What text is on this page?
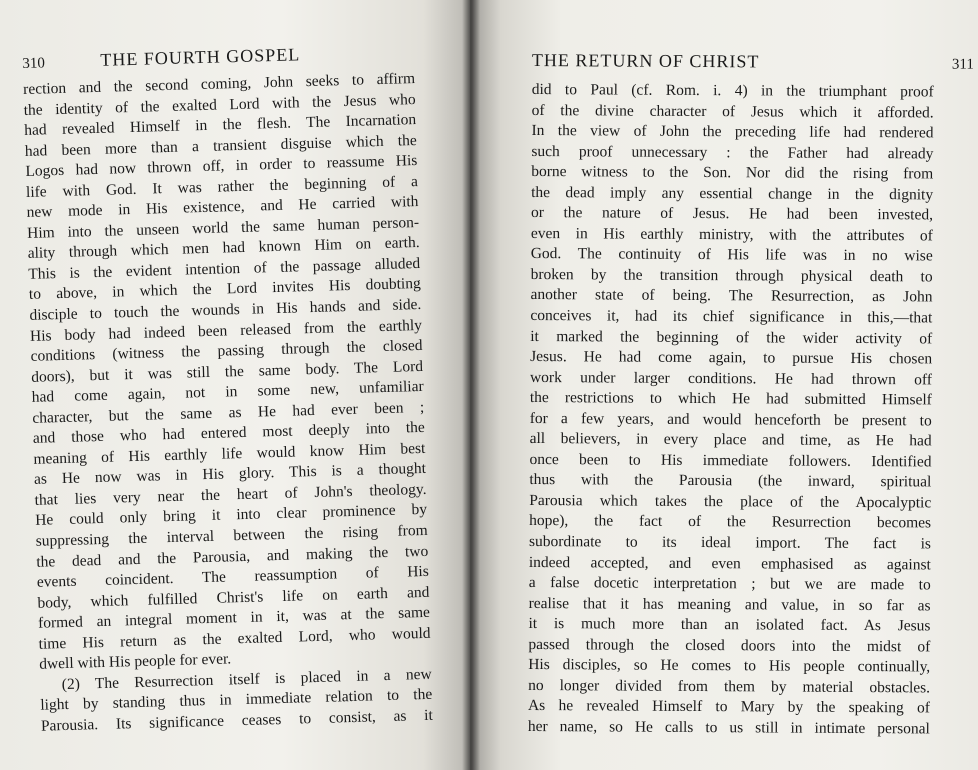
310	THE FOURTH GOSPEL
rection and the second coming, John seeks to affirm
the identity of the exalted Lord with the Jesus who
had revealed Himself in the flesh. The Incarnation
had been more than a transient disguise which the
Logos had now thrown off, in order to reassume His
life with God. It was rather the beginning of a
new mode in His existence, and He carried with
Him into the unseen world the same human person-
ality through which men had known Him on earth.
This is the evident intention of the passage alluded
to above, in which the Lord invites His doubting
disciple to touch the wounds in His hands and side.
His body had indeed been released from the earthly
conditions (witness the passing through the closed
doors), but it was still the same body. The Lord
had come again, not in some new, unfamiliar
character, but the same as He had ever been ;
and those who had entered most deeply into the
meaning of His earthly life would know Him best
as He now was in His glory. This is a thought
that lies very near the heart of John's theology.
He could only bring it into clear prominence by
suppressing the interval between the rising from
the dead and the Parousia, and making the two
events coincident. The reassumption of His
body, which fulfilled Christ's life on earth and
formed an integral moment in it, was at the same
time His return as the exalted Lord, who would
dwell with His people for ever.
(2) The Resurrection itself is placed in a new
light by standing thus in immediate relation to the
Parousia. Its significance ceases to consist, as it
THE RETURN OF CHRIST	311
did to Paul (cf. Rom. i. 4) in the triumphant proof
of the divine character of Jesus which it afforded.
In the view of John the preceding life had rendered
such proof unnecessary : the Father had already
borne witness to the Son. Nor did the rising from
the dead imply any essential change in the dignity
or the nature of Jesus. He had been invested,
even in His earthly ministry, with the attributes of
God. The continuity of His life was in no wise
broken by the transition through physical death to
another state of being. The Resurrection, as John
conceives it, had its chief significance in this,—that
it marked the beginning of the wider activity of
Jesus. He had come again, to pursue His chosen
work under larger conditions. He had thrown off
the restrictions to which He had submitted Himself
for a few years, and would henceforth be present to
all believers, in every place and time, as He had
once been to His immediate followers. Identified
thus with the Parousia (the inward, spiritual
Parousia which takes the place of the Apocalyptic
hope), the fact of the Resurrection becomes
subordinate to its ideal import. The fact is
indeed accepted, and even emphasised as against
a false docetic interpretation ; but we are made to
realise that it has meaning and value, in so far as
it is much more than an isolated fact. As Jesus
passed through the closed doors into the midst of
His disciples, so He comes to His people continually,
no longer divided from them by material obstacles.
As he revealed Himself to Mary by the speaking of
her name, so He calls to us still in intimate personal
